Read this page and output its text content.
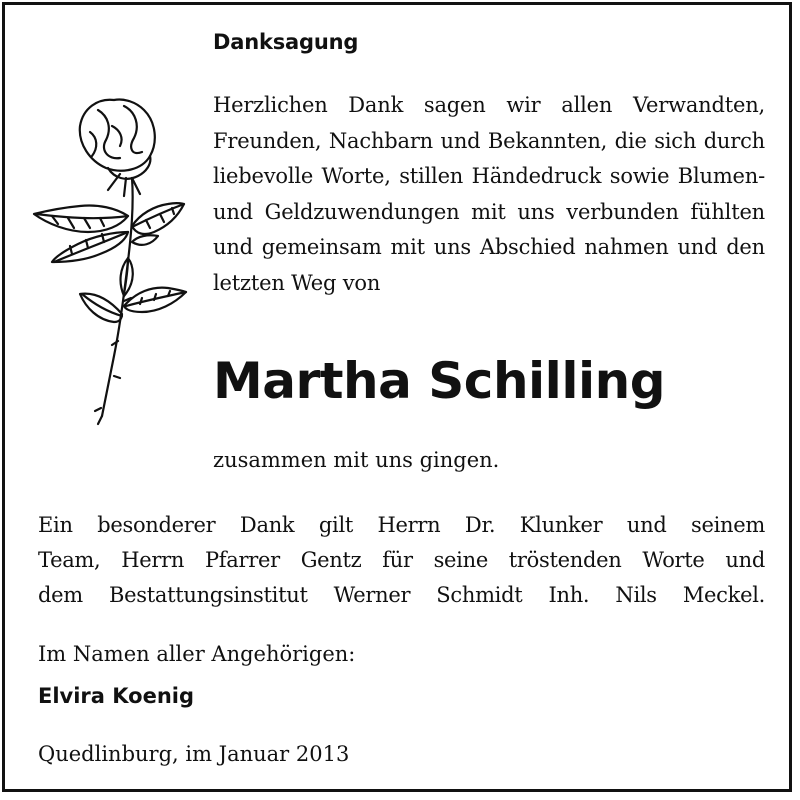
Danksagung

Herzlichen Dank sagen wir allen Verwandten, Freunden, Nachbarn und Bekannten, die sich durch liebevolle Worte, stillen Händedruck sowie Blumen- und Geldzuwendungen mit uns verbunden fühlten und gemeinsam mit uns Abschied nahmen und den letzten Weg von

Martha Schilling

zusammen mit uns gingen.

Ein besonderer Dank gilt Herrn Dr. Klunker und seinem
Team, Herrn Pfarrer Gentz für seine tröstenden Worte und
dem Bestattungsinstitut Werner Schmidt Inh. Nils Meckel.

Im Namen aller Angehörigen:

Elvira Koenig

Quedlinburg, im Januar 2013
